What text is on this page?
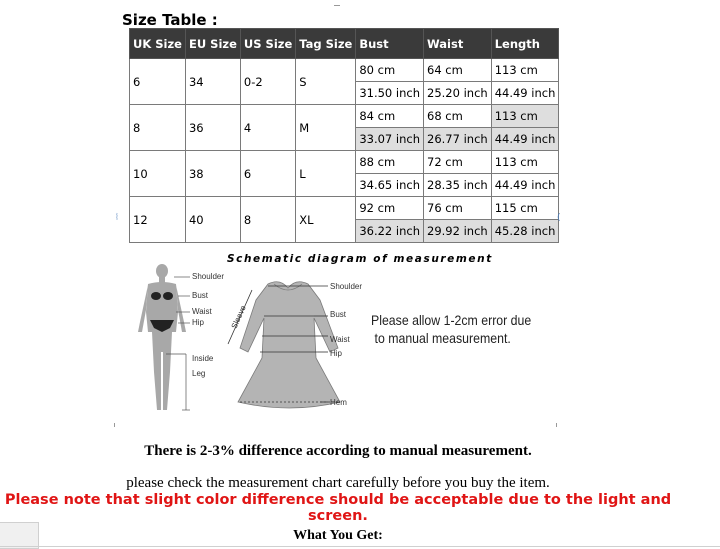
Size Table :
UK Size	EU Size	US Size	Tag Size	Bust	Waist	Length
6	34	0-2	S	80 cm	64 cm	113 cm
				31.50 inch	25.20 inch	44.49 inch
8	36	4	M	84 cm	68 cm	113 cm
				33.07 inch	26.77 inch	44.49 inch
10	38	6	L	88 cm	72 cm	113 cm
				34.65 inch	28.35 inch	44.49 inch
12	40	8	XL	92 cm	76 cm	115 cm
				36.22 inch	29.92 inch	45.28 inch
⦚	(
Schematic diagram of measurement
Shoulder
Bust
Waist
Hip
Inside
Leg
Sleeve
Shoulder
Bust
Waist
Hip
Hem
Please allow 1-2cm error due
to manual measurement.
There is 2-3% difference according to manual measurement.
please check the measurement chart carefully before you buy the item.
Please note that slight color difference should be acceptable due to the light and screen.
What You Get:
